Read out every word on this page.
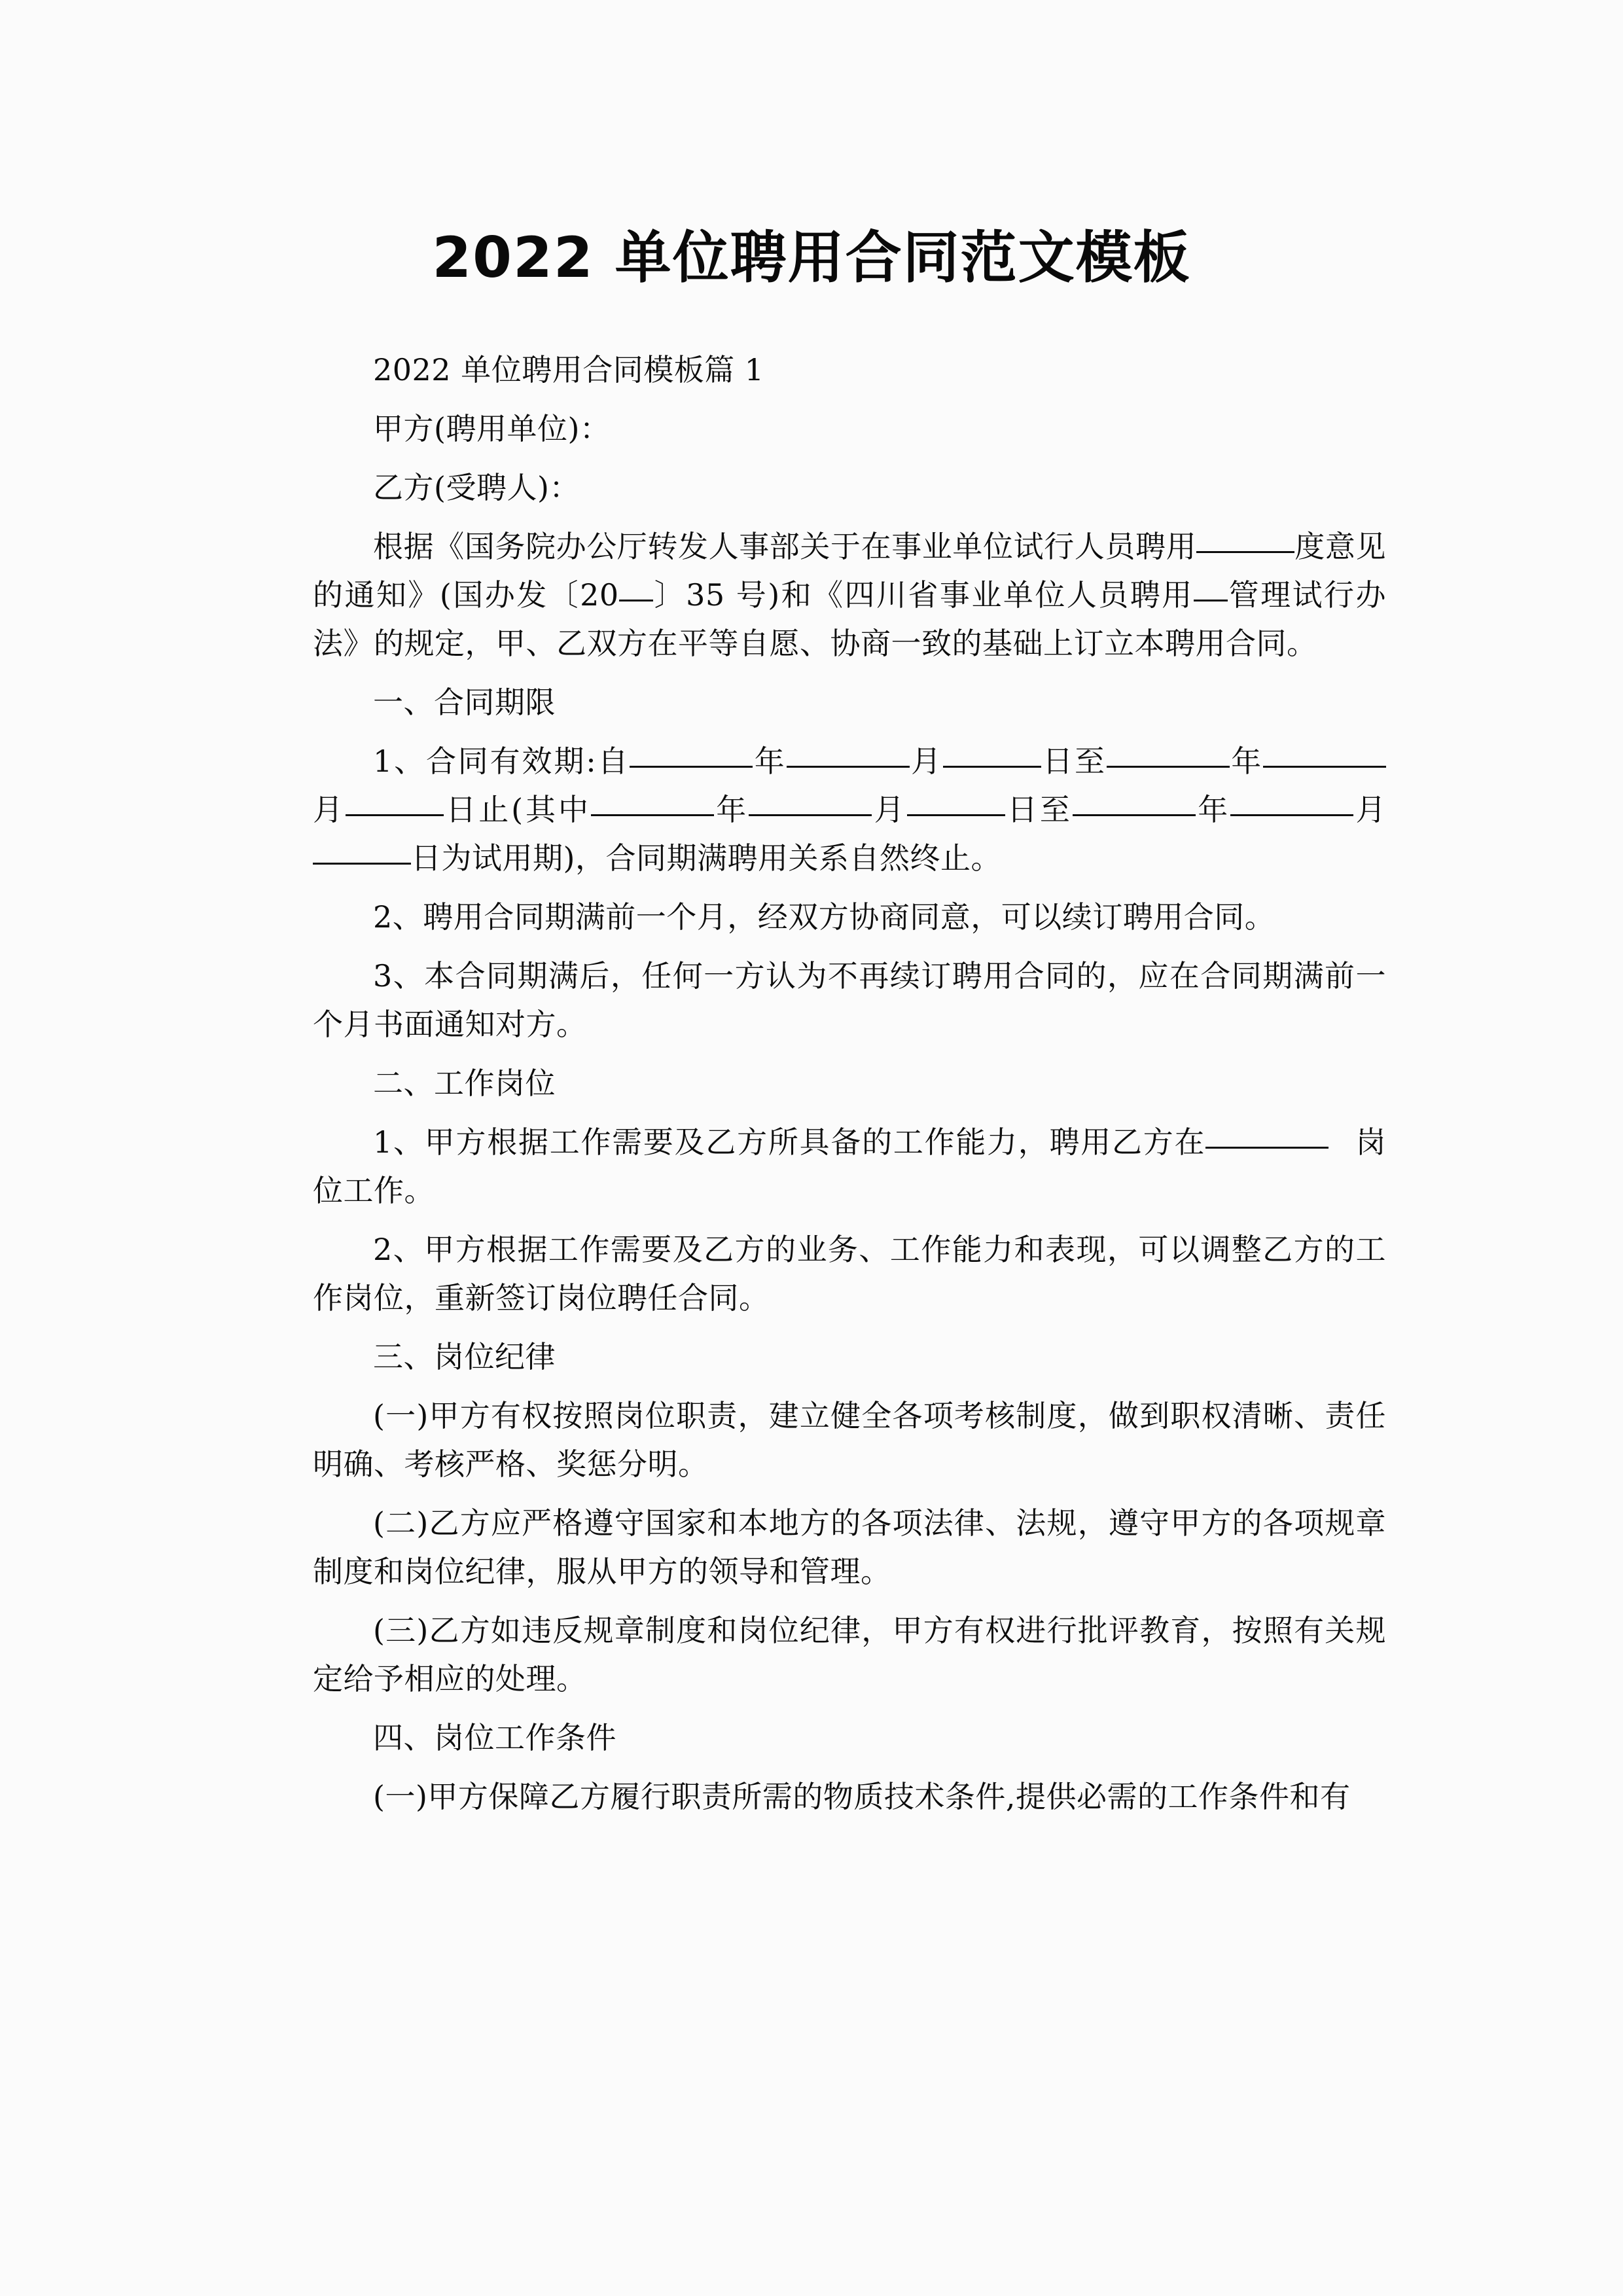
2022 单位聘用合同范文模板

2022 单位聘用合同模板篇 1

甲方(聘用单位)：

乙方(受聘人)：

根据《国务院办公厅转发人事部关于在事业单位试行人员聘用	度意见的通知》(国办发〔20 〕35 号)和《四川省事业单位人员聘用 管理试行办法》的规定，甲、乙双方在平等自愿、协商一致的基础上订立本聘用合同。

一、合同期限

1、合同有效期:自	年	月	日至	年月	日止(其中	年	月	日至	年	月日为试用期)，合同期满聘用关系自然终止。

2、聘用合同期满前一个月，经双方协商同意，可以续订聘用合同。

3、本合同期满后，任何一方认为不再续订聘用合同的，应在合同期满前一个月书面通知对方。

二、工作岗位

1、甲方根据工作需要及乙方所具备的工作能力，聘用乙方在	岗位工作。

2、甲方根据工作需要及乙方的业务、工作能力和表现，可以调整乙方的工作岗位，重新签订岗位聘任合同。

三、岗位纪律

(一)甲方有权按照岗位职责，建立健全各项考核制度，做到职权清晰、责任明确、考核严格、奖惩分明。

(二)乙方应严格遵守国家和本地方的各项法律、法规，遵守甲方的各项规章制度和岗位纪律，服从甲方的领导和管理。

(三)乙方如违反规章制度和岗位纪律，甲方有权进行批评教育，按照有关规定给予相应的处理。

四、岗位工作条件

(一)甲方保障乙方履行职责所需的物质技术条件,提供必需的工作条件和有
